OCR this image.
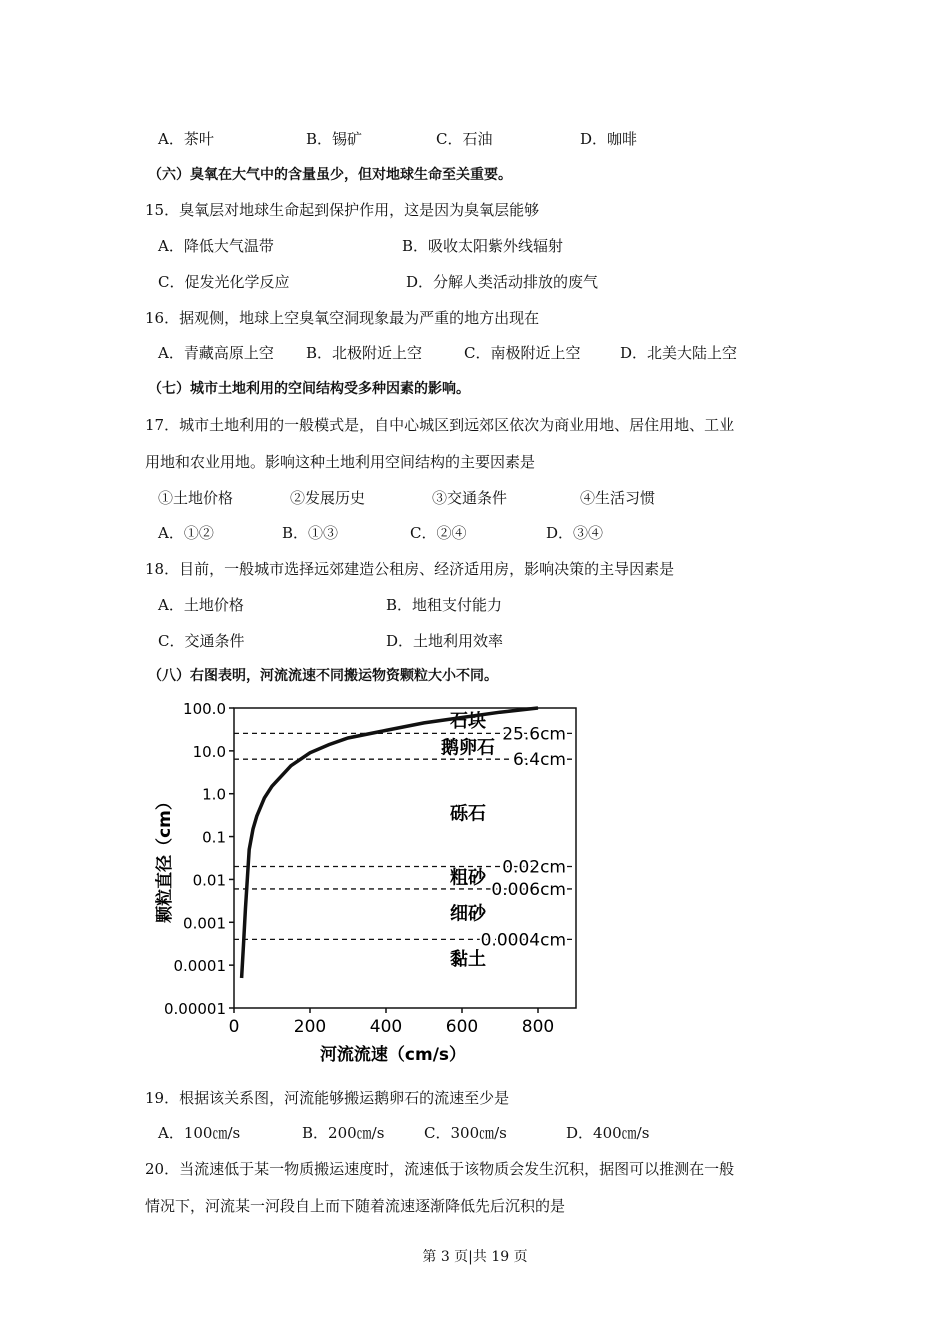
A．茶叶	B．锡矿	C．石油	D．咖啡
（六）臭氧在大气中的含量虽少，但对地球生命至关重要。
15．臭氧层对地球生命起到保护作用，这是因为臭氧层能够
A．降低大气温带	B．吸收太阳紫外线辐射
C．促发光化学反应	D．分解人类活动排放的废气
16．据观侧，地球上空臭氧空洞现象最为严重的地方出现在
A．青藏高原上空 B．北极附近上空	C．南极附近上空	D．北美大陆上空
（七）城市土地利用的空间结构受多种因素的影响。
17．城市土地利用的一般模式是，自中心城区到远郊区依次为商业用地、居住用地、工业
用地和农业用地。影响这种土地利用空间结构的主要因素是
①土地价格	②发展历史	③交通条件	④生活习惯
A．①②	B．①③	C．②④	D．③④
18．目前，一般城市选择远郊建造公租房、经济适用房，影响决策的主导因素是
A．土地价格	B．地租支付能力
C．交通条件	D．土地利用效率
（八）右图表明，河流流速不同搬运物资颗粒大小不同。
100.0
10.0
1.0
0.1
0.01
0.001
0.0001
0.00001
0	200	400	600	800
25.6cm
6.4cm
0.02cm
0.006cm
0.0004cm
石块
鹅卵石
砾石
粗砂
细砂
黏土
颗粒直径（cm）
河流流速（cm/s）
19．根据该关系图，河流能够搬运鹅卵石的流速至少是
A．100㎝/s	B．200㎝/s	C．300㎝/s	D．400㎝/s
20．当流速低于某一物质搬运速度时，流速低于该物质会发生沉积，据图可以推测在一般
情况下，河流某一河段自上而下随着流速逐渐降低先后沉积的是
第 3 页|共 19 页
